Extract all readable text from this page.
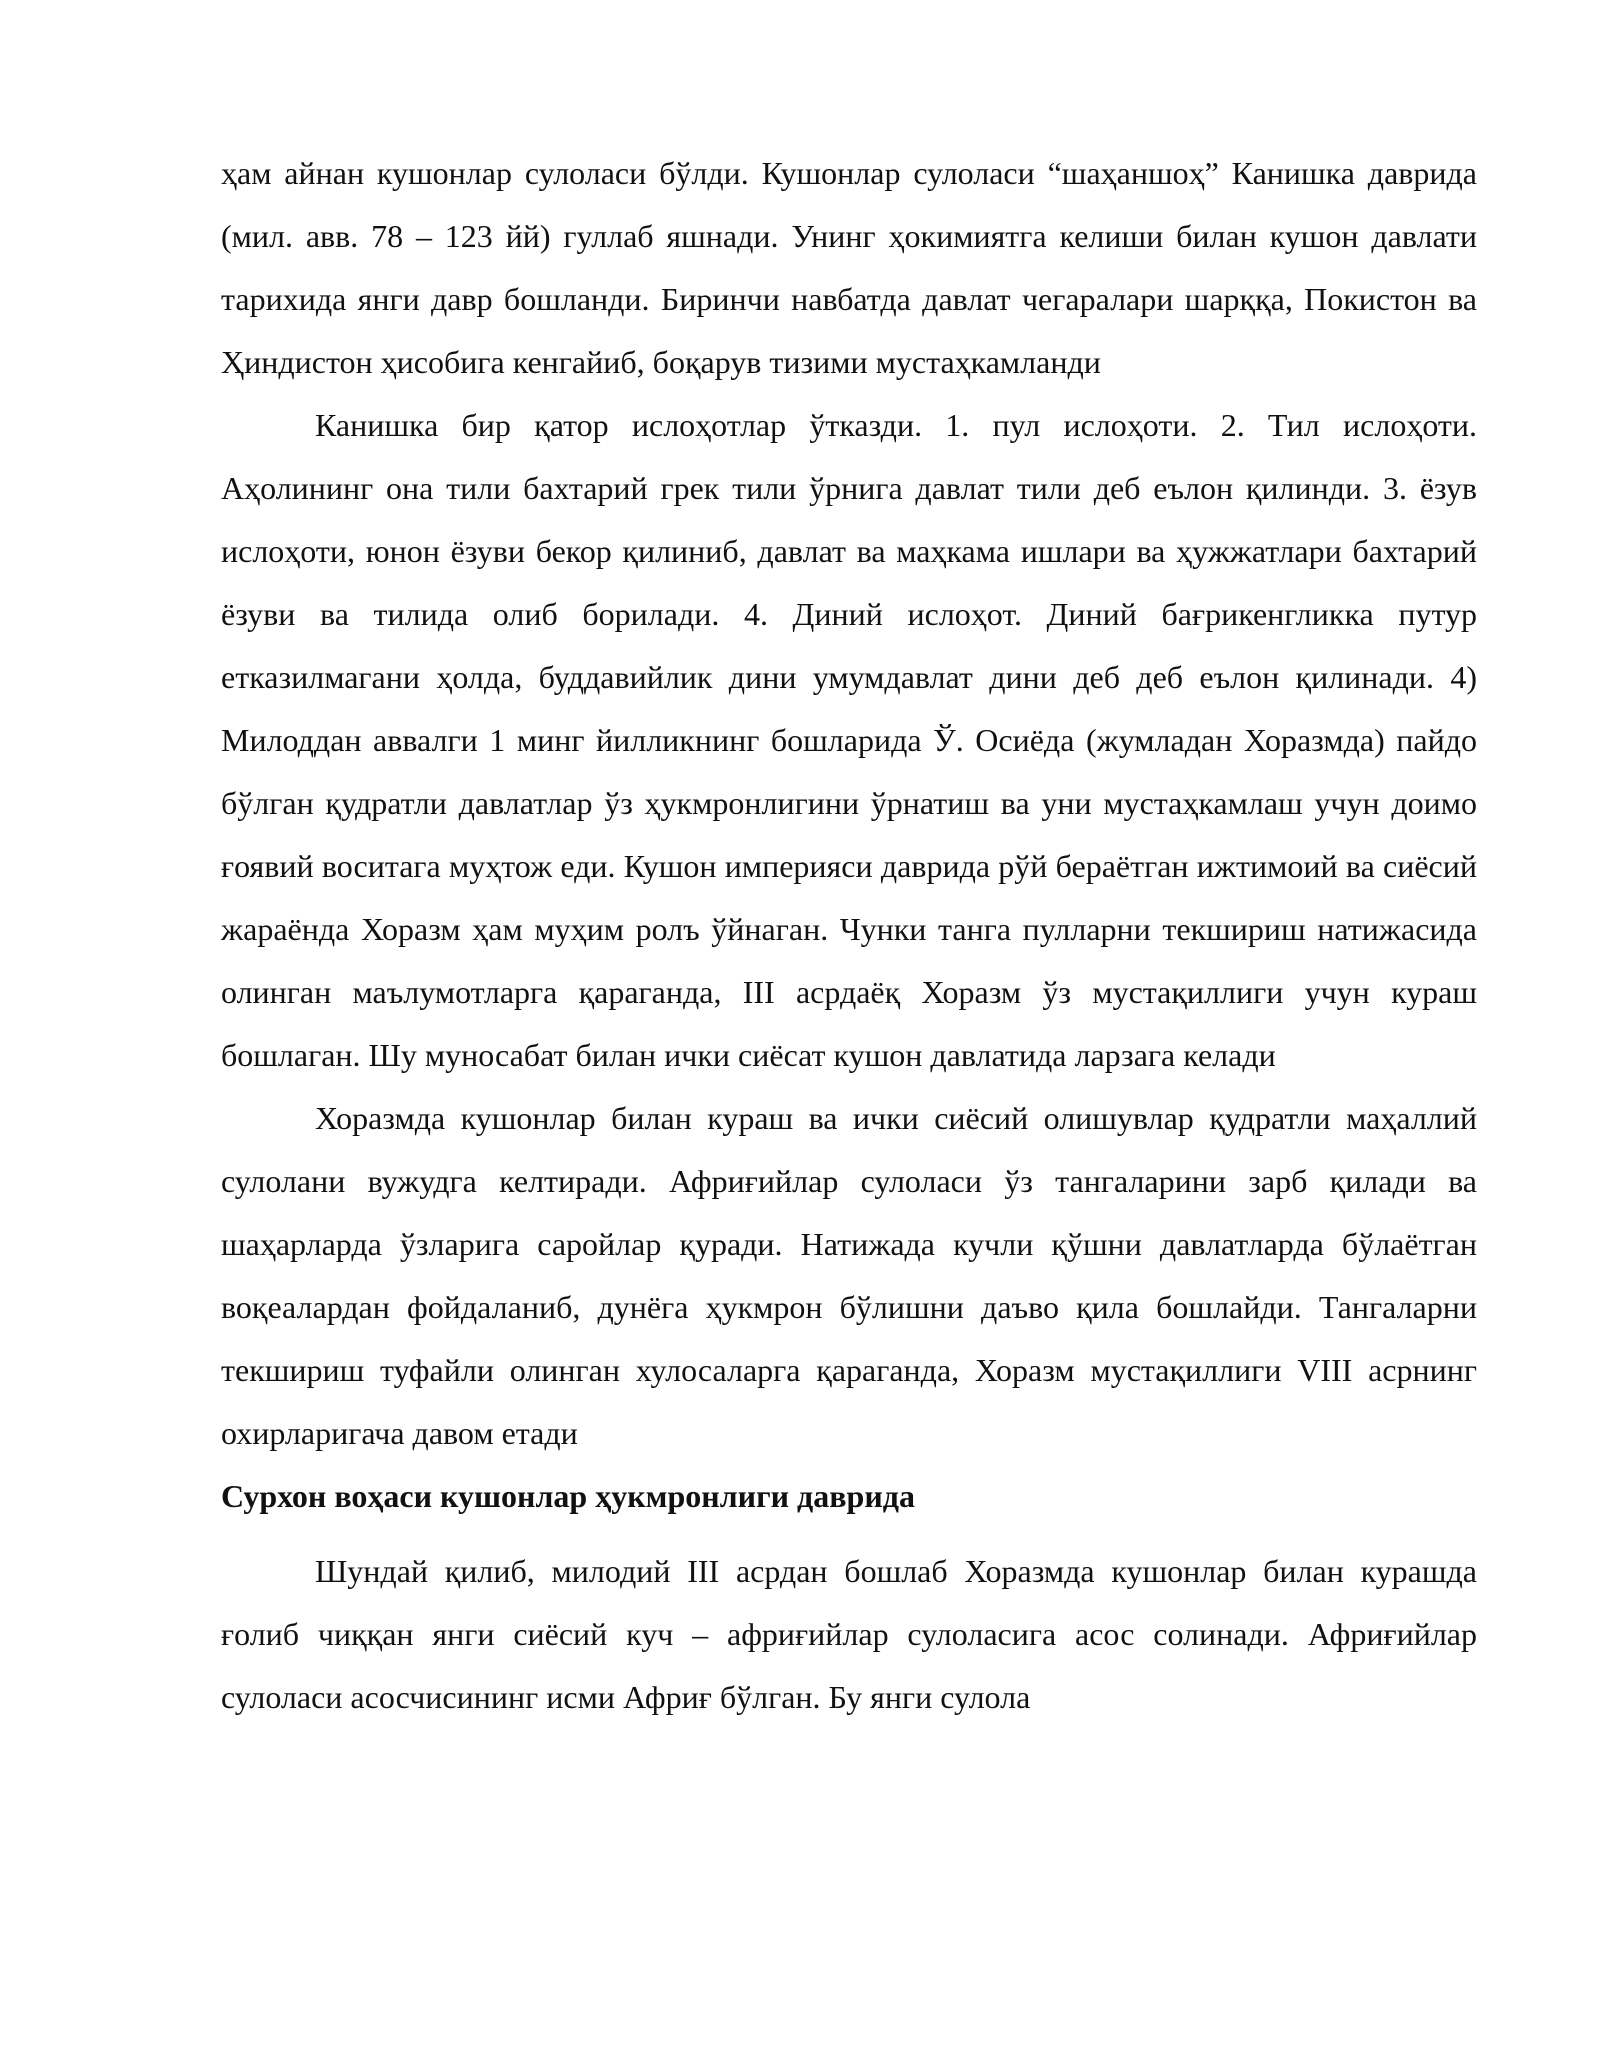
ҳам айнан кушонлар сулоласи бўлди. Кушонлар сулоласи “шаҳаншоҳ” Канишка даврида (мил. авв. 78 – 123 йй) гуллаб яшнади. Унинг ҳокимиятга келиши билан кушон давлати тарихида янги давр бошланди. Биринчи навбатда давлат чегаралари шарққа, Покистон ва Ҳиндистон ҳисобига кенгайиб, боқарув тизими мустаҳкамланди

Канишка бир қатор ислоҳотлар ўтказди. 1. пул ислоҳоти. 2. Тил ислоҳоти. Аҳолининг она тили бахтарий грек тили ўрнига давлат тили деб еълон қилинди. 3. ёзув ислоҳоти, юнон ёзуви бекор қилиниб, давлат ва маҳкама ишлари ва ҳужжатлари бахтарий ёзуви ва тилида олиб борилади. 4. Диний ислоҳот. Диний бағрикенгликка путур етказилмагани ҳолда, буддавийлик дини умумдавлат дини деб деб еълон қилинади. 4) Милоддан аввалги 1 минг йилликнинг бошларида Ў. Осиёда (жумладан Хоразмда) пайдо бўлган қудратли давлатлар ўз ҳукмронлигини ўрнатиш ва уни мустаҳкамлаш учун доимо ғоявий воситага муҳтож еди. Кушон империяси даврида рўй бераётган ижтимоий ва сиёсий жараёнда Хоразм ҳам муҳим ролъ ўйнаган. Чунки танга пулларни текшириш натижасида олинган маълумотларга қараганда, III асрдаёқ Хоразм ўз мустақиллиги учун кураш бошлаган. Шу муносабат билан ички сиёсат кушон давлатида ларзага келади

Хоразмда кушонлар билан кураш ва ички сиёсий олишувлар қудратли маҳаллий сулолани вужудга келтиради. Африғийлар сулоласи ўз тангаларини зарб қилади ва шаҳарларда ўзларига саройлар қуради. Натижада кучли қўшни давлатларда бўлаётган воқеалардан фойдаланиб, дунёга ҳукмрон бўлишни даъво қила бошлайди. Тангаларни текшириш туфайли олинган хулосаларга қараганда, Хоразм мустақиллиги VIII асрнинг охирларигача давом етади

Сурхон воҳаси кушонлар ҳукмронлиги даврида

Шундай қилиб, милодий III асрдан бошлаб Хоразмда кушонлар билан курашда ғолиб чиққан янги сиёсий куч – африғийлар сулоласига асос солинади. Африғийлар сулоласи асосчисининг исми Африғ бўлган. Бу янги сулола
